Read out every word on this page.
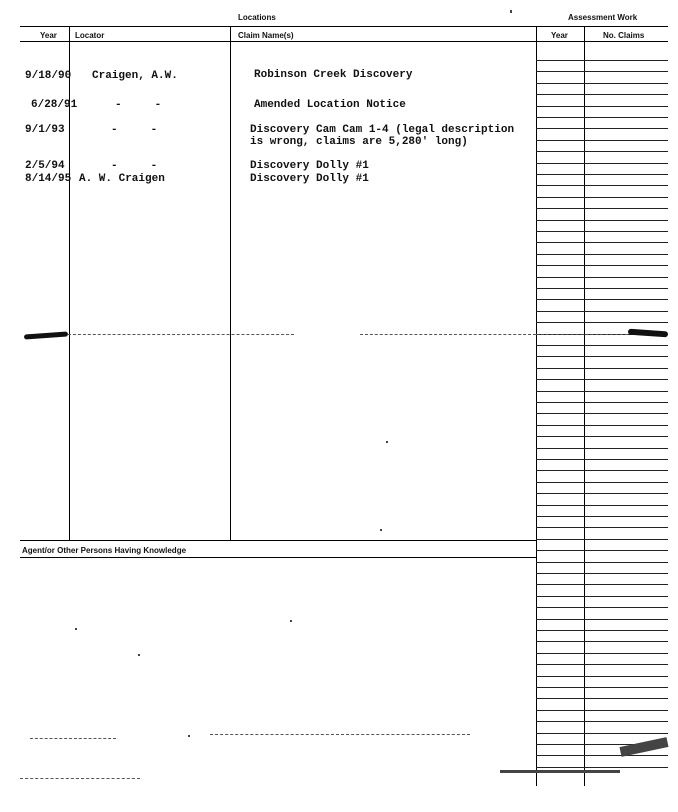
Locations	Assessment Work
Year Locator	Claim Name(s)	Year	No. Claims
Agent/or Other Persons Having Knowledge
9/18/90 Craigen, A.W.	Robinson Creek Discovery
6/28/91	-     -	Amended Location Notice
9/1/93	-     -	Discovery Cam Cam 1-4 (legal description
is wrong, claims are 5,280' long)
2/5/94	-     -	Discovery Dolly #1
8/14/95 A. W. Craigen	Discovery Dolly #1
